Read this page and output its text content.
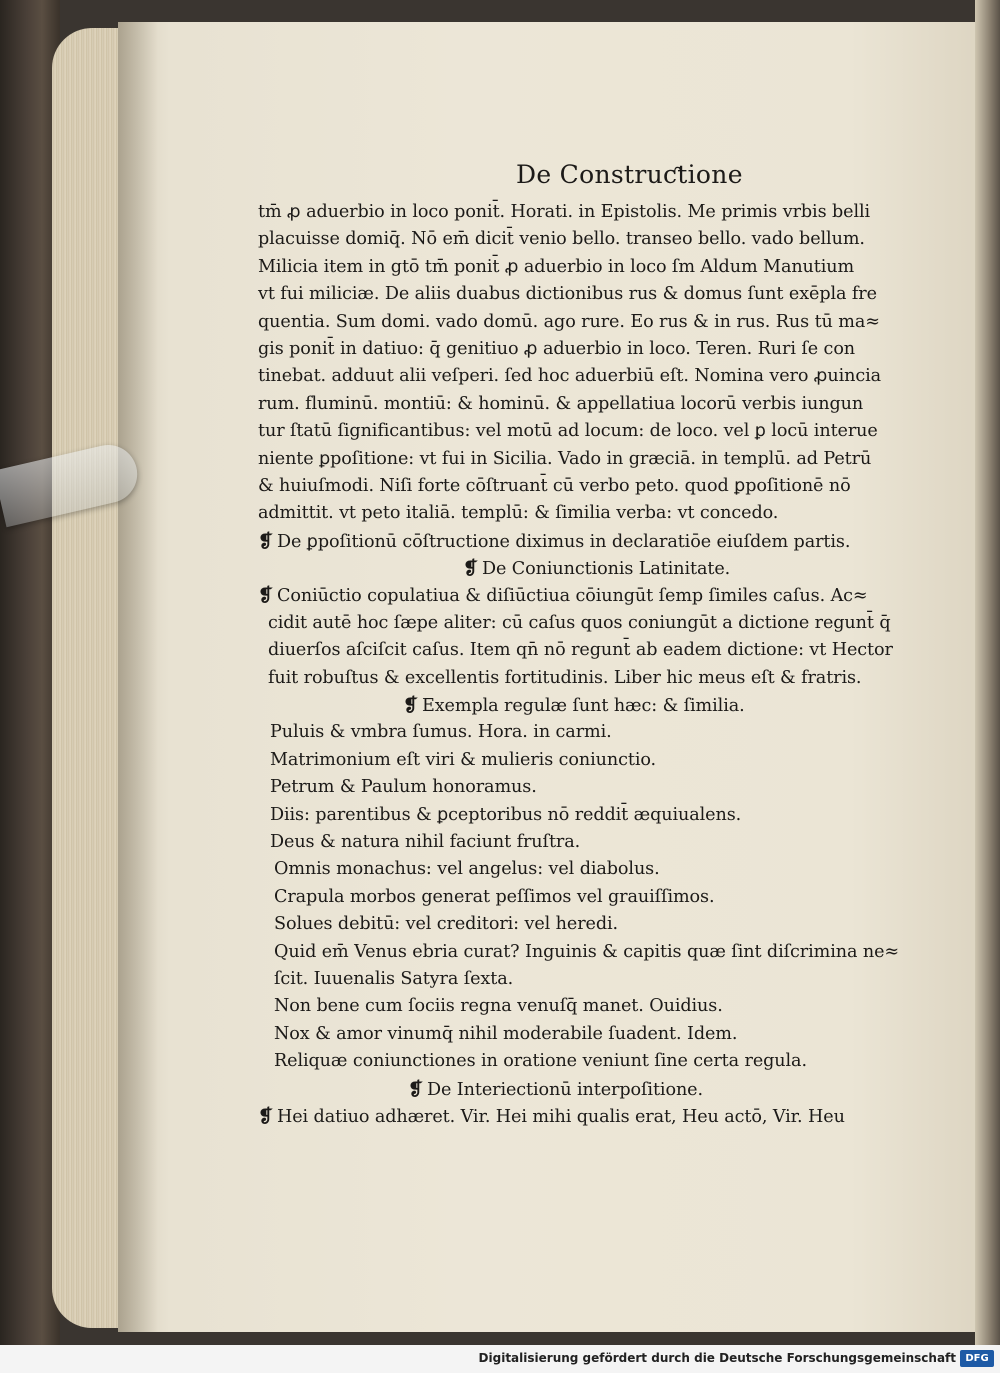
De Construƈtione
tm̄ ꝓ aduerbio in loco ponit̄. Horati. in Epistolis. Me primis vrbis belli
placuisse domiq̄. Nō em̄ dicit̄ venio bello. transeo bello. vado bellum.
Milicia item in gtō tm̄ ponit̄ ꝓ aduerbio in loco ſm Aldum Manutium
vt fui miliciæ. De aliis duabus dictionibus rus & domus ſunt exēpla fre
quentia. Sum domi. vado domū. ago rure. Eo rus & in rus. Rus tū ma≈
gis ponit̄ in datiuo: q̄ genitiuo ꝓ aduerbio in loco. Teren. Ruri ſe con
tinebat. adduut alii veſperi. ſed hoc aduerbiū eſt. Nomina vero ꝓuincia
rum. fluminū. montiū: & hominū. & appellatiua locorū verbis iungun
tur ſtatū ſignificantibus: vel motū ad locum: de loco. vel ꝑ locū interue
niente ꝑpoſitione: vt fui in Sicilia. Vado in græciā. in templū. ad Petrū
& huiuſmodi. Niſi forte cōſtruant̄ cū verbo peto. quod ꝑpoſitionē nō
admittit. vt peto italiā. templū: & ſimilia verba: vt concedo.
❡ De ꝑpoſitionū cōſtructione diximus in declaratiōe eiuſdem partis.
❡ De Coniunctionis Latinitate.
❡ Coniūctio copulatiua & diſiūctiua cōiungūt ſemp ſimiles caſus. Ac≈
cidit autē hoc ſæpe aliter: cū caſus quos coniungūt a dictione regunt̄ q̄
diuerſos aſciſcit caſus. Item qn̄ nō regunt̄ ab eadem dictione: vt Hector
fuit robuſtus & excellentis fortitudinis. Liber hic meus eſt & fratris.
❡ Exempla regulæ ſunt hæc: & ſimilia.
Puluis & vmbra ſumus. Hora. in carmi.
Matrimonium eſt viri & mulieris coniunctio.
Petrum & Paulum honoramus.
Diis: parentibus & ꝑceptoribus nō reddit̄ æquiualens.
Deus & natura nihil faciunt fruſtra.
Omnis monachus: vel angelus: vel diabolus.
Crapula morbos generat peſſimos vel grauiſſimos.
Solues debitū: vel creditori: vel heredi.
Quid em̄ Venus ebria curat? Inguinis & capitis quæ ſint diſcrimina ne≈
ſcit. Iuuenalis Satyra ſexta.
Non bene cum ſociis regna venuſq̄ manet. Ouidius.
Nox & amor vinumq̄ nihil moderabile ſuadent. Idem.
Reliquæ coniunctiones in oratione veniunt ſine certa regula.
❡ De Interiectionū interpoſitione.
❡ Hei datiuo adhæret. Vir. Hei mihi qualis erat, Heu actō, Vir. Heu
Digitalisierung gefördert durch die Deutsche Forschungsgemeinschaft DFG
